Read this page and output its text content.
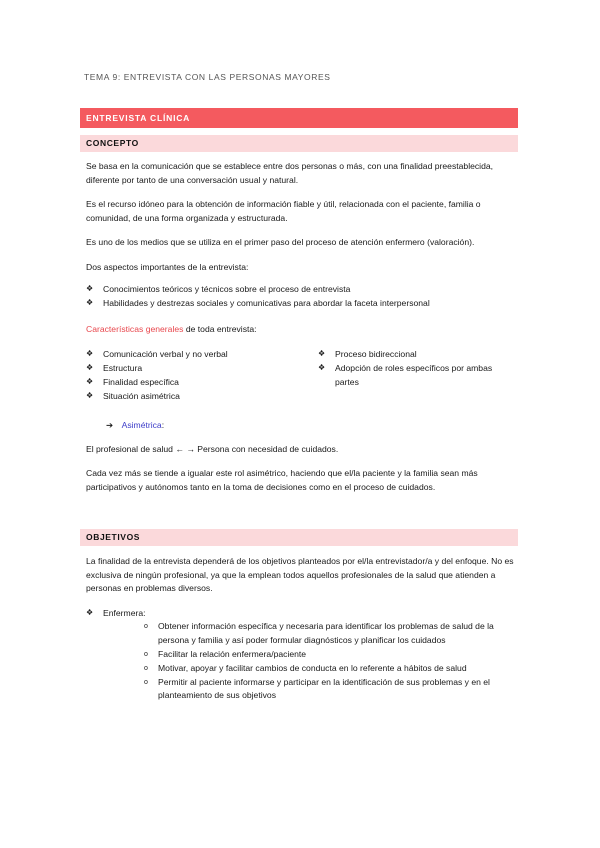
TEMA 9: ENTREVISTA CON LAS PERSONAS MAYORES
ENTREVISTA CLÍNICA
CONCEPTO

Se basa en la comunicación que se establece entre dos personas o más, con una finalidad preestablecida, diferente por tanto de una conversación usual y natural.

Es el recurso idóneo para la obtención de información fiable y útil, relacionada con el paciente, familia o comunidad, de una forma organizada y estructurada.

Es uno de los medios que se utiliza en el primer paso del proceso de atención enfermero (valoración).

Dos aspectos importantes de la entrevista:

❖ Conocimientos teóricos y técnicos sobre el proceso de entrevista
❖ Habilidades y destrezas sociales y comunicativas para abordar la faceta interpersonal

Características generales de toda entrevista:

❖ Comunicación verbal y no verbal
❖ Estructura
❖ Finalidad específica
❖ Situación asimétrica
❖ Proceso bidireccional
❖ Adopción de roles específicos por ambas partes
➔ Asimétrica:

El profesional de salud ← → Persona con necesidad de cuidados.

Cada vez más se tiende a igualar este rol asimétrico, haciendo que el/la paciente y la familia sean más participativos y autónomos tanto en la toma de decisiones como en el proceso de cuidados.

OBJETIVOS

La finalidad de la entrevista dependerá de los objetivos planteados por el/la entrevistador/a y del enfoque. No es exclusiva de ningún profesional, ya que la emplean todos aquellos profesionales de la salud que atienden a personas en problemas diversos.

❖ Enfermera:
o Obtener información específica y necesaria para identificar los problemas de salud de la persona y familia y así poder formular diagnósticos y planificar los cuidados
o Facilitar la relación enfermera/paciente
o Motivar, apoyar y facilitar cambios de conducta en lo referente a hábitos de salud
o Permitir al paciente informarse y participar en la identificación de sus problemas y en el planteamiento de sus objetivos
